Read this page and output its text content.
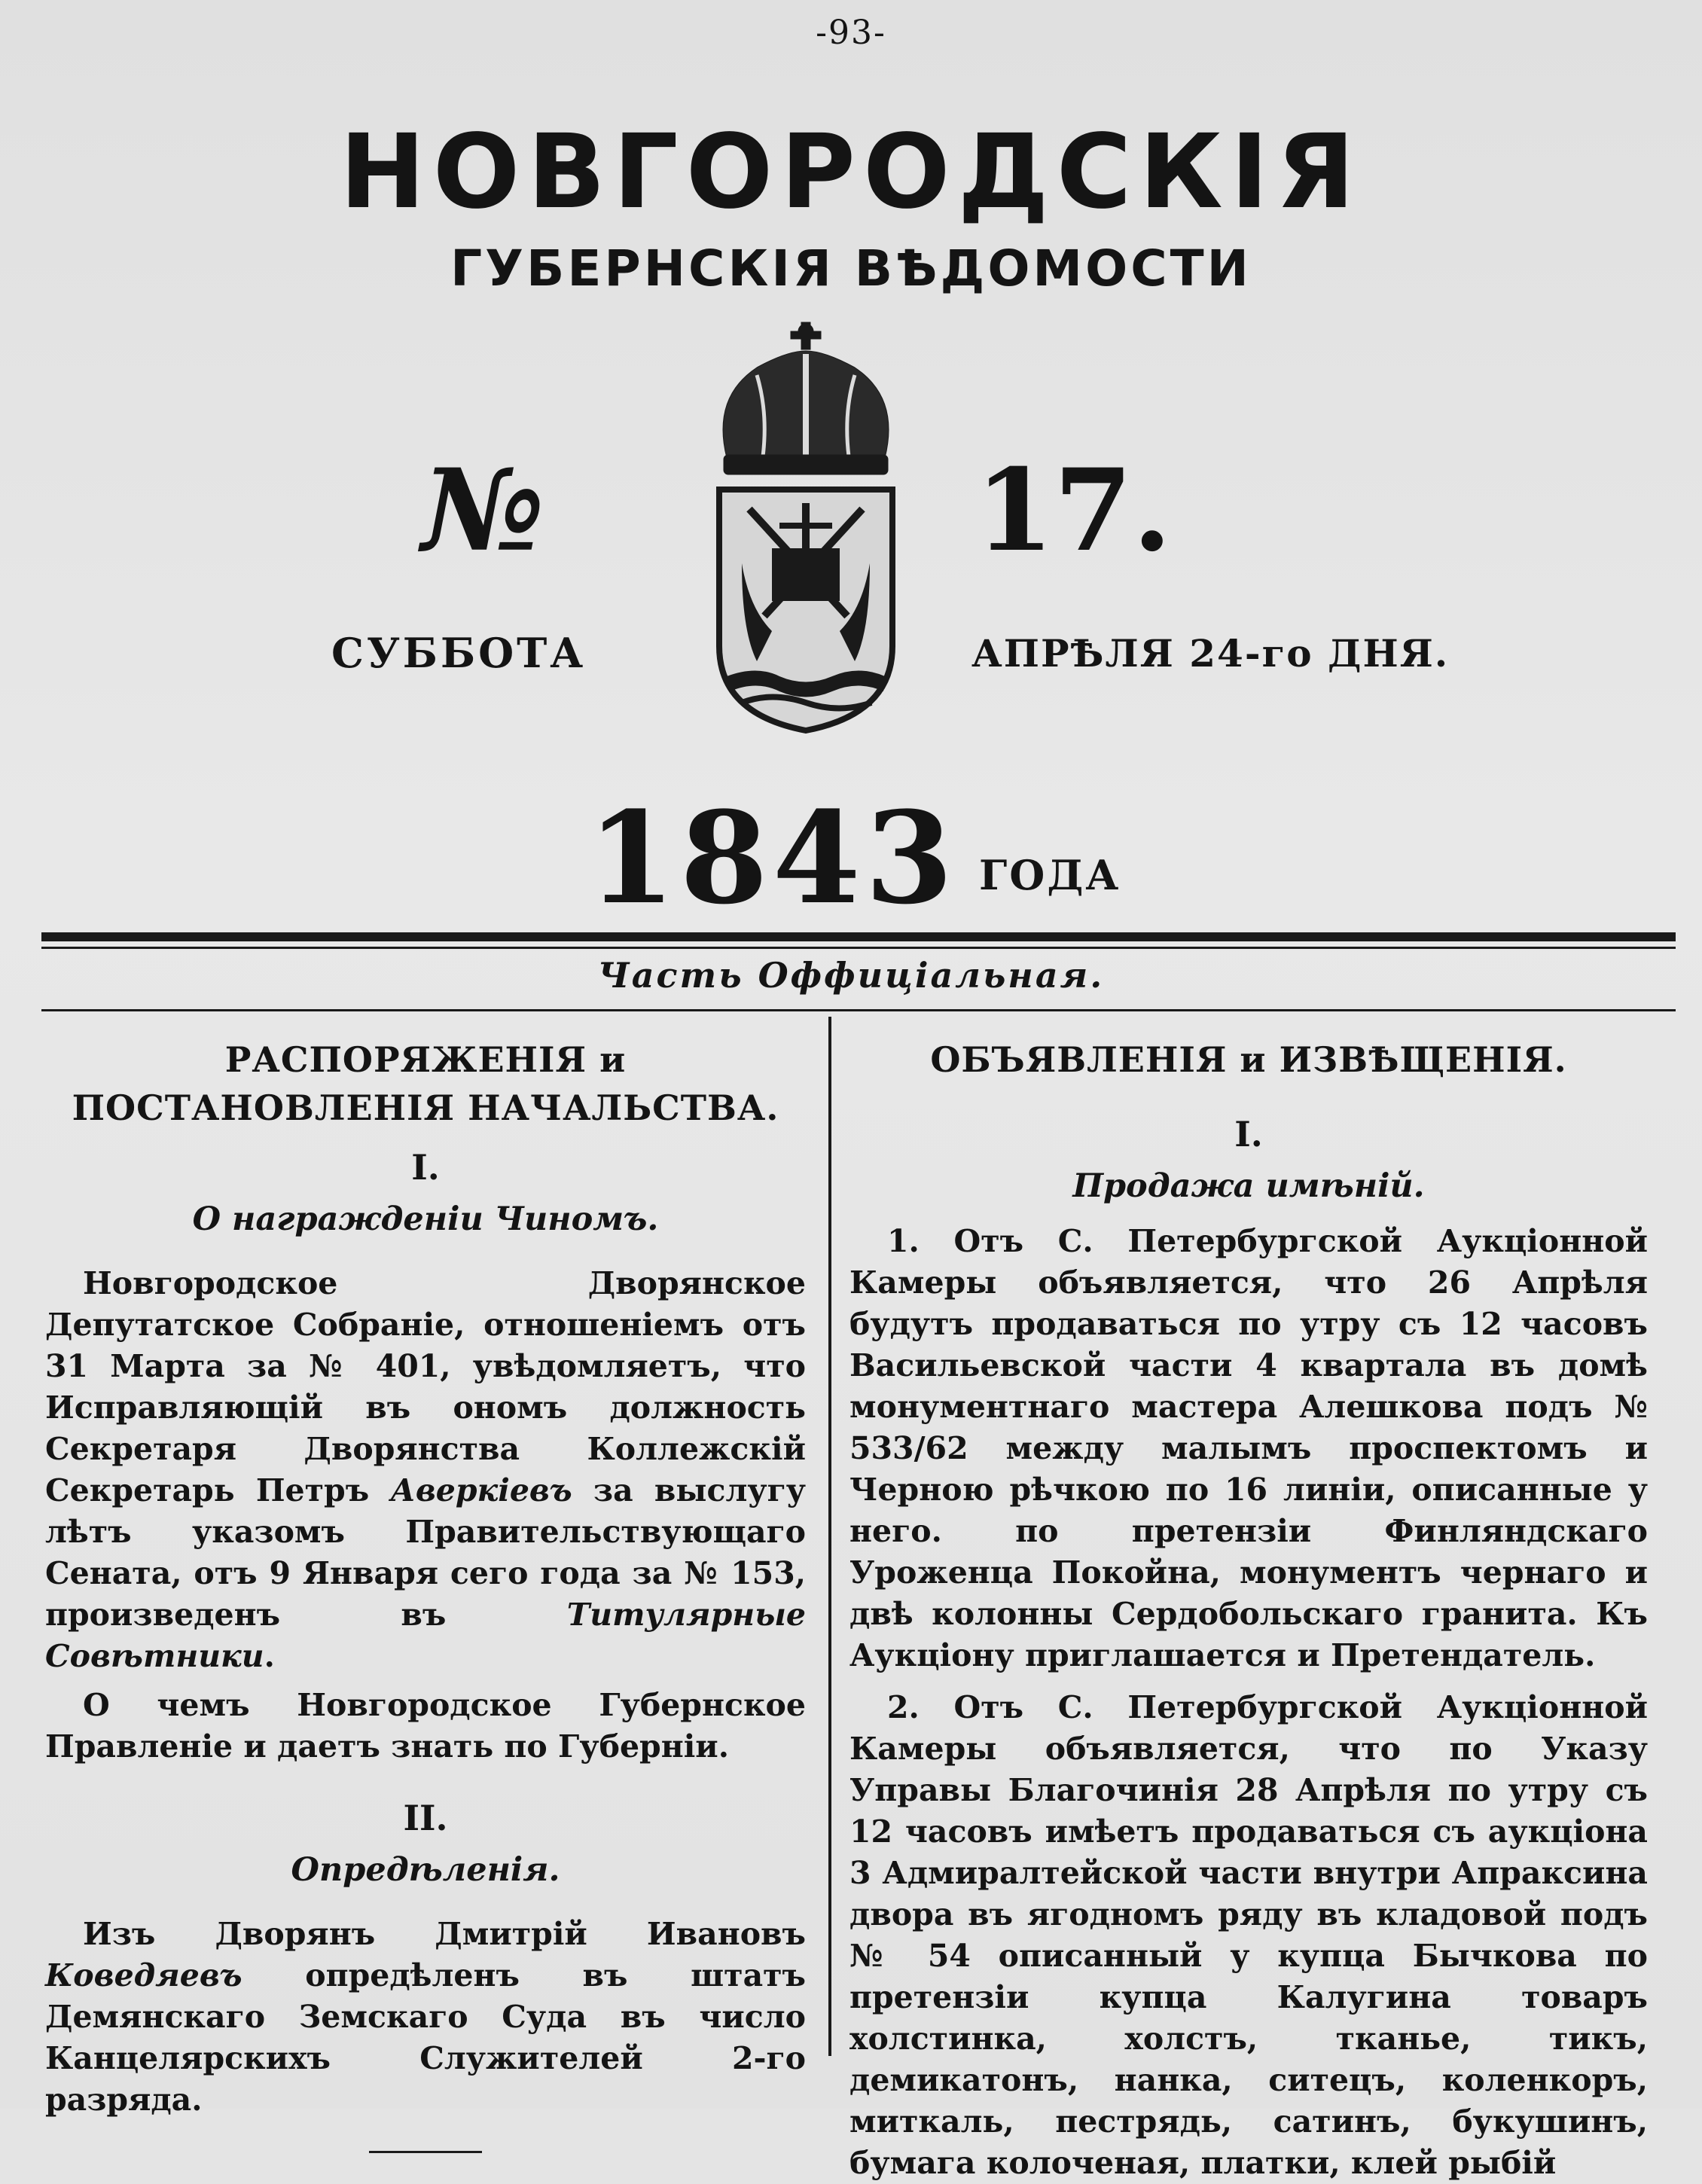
-93-
НОВГОРОДСКІЯ
ГУБЕРНСКІЯ ВѢДОМОСТИ
№	17.
СУББОТА	АПРѢЛЯ 24-го ДНЯ.
1843 ГОДА
Часть Оффиціальная.
РАСПОРЯЖЕНІЯ и ПОСТАНОВЛЕНІЯ НАЧАЛЬСТВА.
I.
О награжденіи Чиномъ.

Новгородское Дворянское Депутатское Собраніе, отношеніемъ отъ 31 Марта за № 401, увѣдомляетъ, что Исправляющій въ ономъ должность Секретаря Дворянства Коллежскій Секретарь Петръ Аверкіевъ за выслугу лѣтъ указомъ Правительствующаго Сената, отъ 9 Января сего года за № 153, произведенъ въ Титулярные Совѣтники.

О чемъ Новгородское Губернское Правленіе и даетъ знать по Губерніи.

II.
Опредѣленія.

Изъ Дворянъ Дмитрій Ивановъ Коведяевъ опредѣленъ въ штатъ Демянскаго Земскаго Суда въ число Канцелярскихъ Служителей 2-го разряда.

ОБЪЯВЛЕНІЯ и ИЗВѢЩЕНІЯ.
I.
Продажа имѣній.

1. Отъ С. Петербургской Аукціонной Камеры объявляется, что 26 Апрѣля будутъ продаваться по утру съ 12 часовъ Васильевской части 4 квартала въ домѣ монументнаго мастера Алешкова подъ № 533/62 между малымъ проспектомъ и Черною рѣчкою по 16 линіи, описанные у него. по претензіи Финляндскаго Уроженца Покойна, монументъ чернаго и двѣ колонны Сердобольскаго гранита. Къ Аукціону приглашается и Претендатель.

2. Отъ С. Петербургской Аукціонной Камеры объявляется, что по Указу Управы Благочинія 28 Апрѣля по утру съ 12 часовъ имѣетъ продаваться съ аукціона 3 Адмиралтейской части внутри Апраксина двора въ ягодномъ ряду въ кладовой подъ № 54 описанный у купца Бычкова по претензіи купца Калугина товаръ холстинка, холстъ, тканье, тикъ, демикатонъ, нанка, ситецъ, коленкоръ, миткаль, пестрядь, сатинъ, букушинъ, бумага колоченая, платки, клей рыбій
